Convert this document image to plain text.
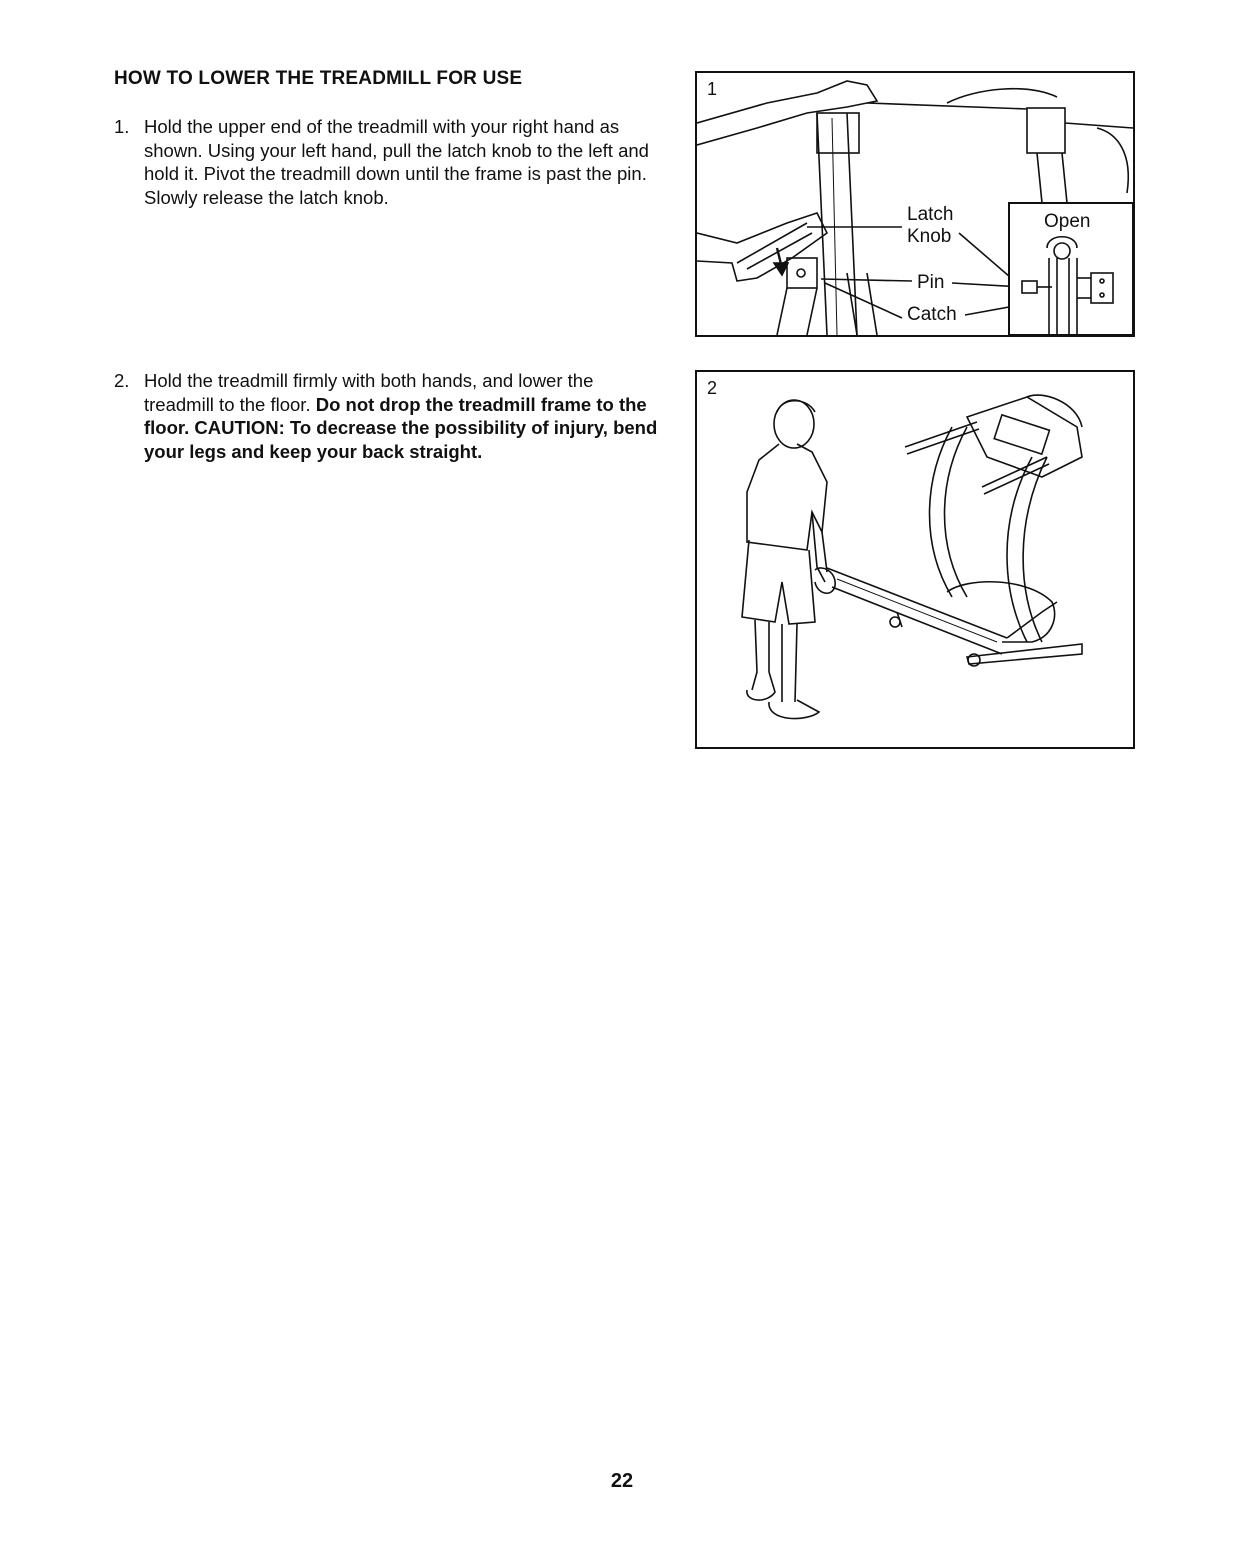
HOW TO LOWER THE TREADMILL FOR USE
1. Hold the upper end of the treadmill with your right hand as shown. Using your left hand, pull the latch knob to the left and hold it. Pivot the treadmill down until the frame is past the pin. Slowly release the latch knob.
2. Hold the treadmill firmly with both hands, and lower the treadmill to the floor. Do not drop the treadmill frame to the floor. CAUTION: To decrease the possibility of injury, bend your legs and keep your back straight.
1
Latch
Knob
Pin
Catch
Open
2
22
